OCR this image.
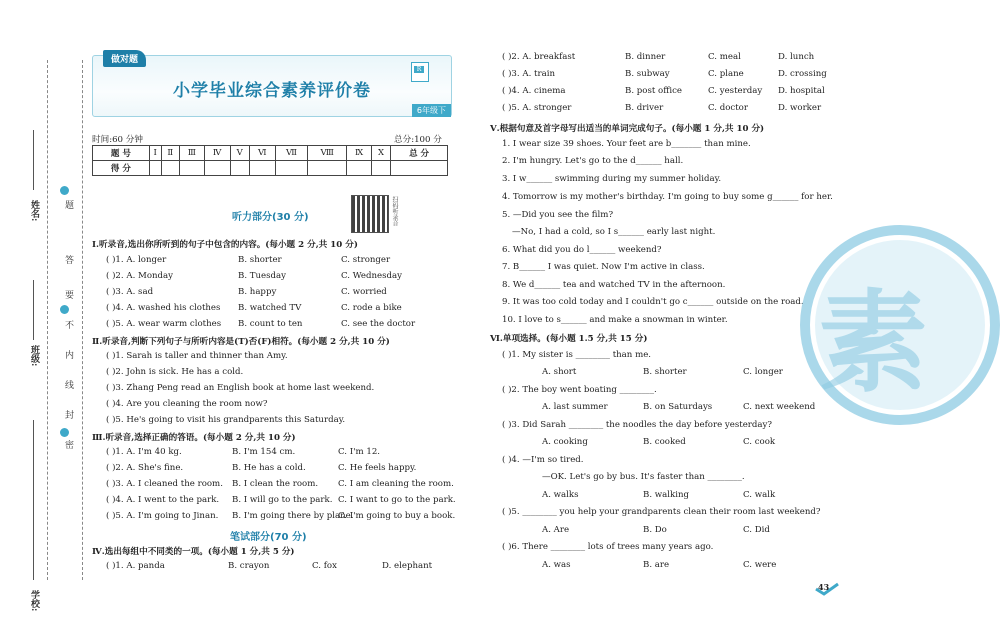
姓名:
班级:
学校:
题
答
要
不
内
线
封
密
小学毕业综合素养评价卷
R
6年级下
做对题
时间:60 分钟	总分:100 分
题 号	Ⅰ	Ⅱ	Ⅲ	Ⅳ	Ⅴ	Ⅵ	Ⅶ	Ⅷ	Ⅸ	Ⅹ	总 分
得 分											
听力部分(30 分)	扫码听录音
Ⅰ.听录音,选出你所听到的句子中包含的内容。(每小题 2 分,共 10 分)
( )1. A. longer	B. shorter	C. stronger
( )2. A. Monday	B. Tuesday	C. Wednesday
( )3. A. sad	B. happy	C. worried
( )4. A. washed his clothes B. watched TV	C. rode a bike
( )5. A. wear warm clothes B. count to ten	C. see the doctor
Ⅱ.听录音,判断下列句子与所听内容是(T)否(F)相符。(每小题 2 分,共 10 分)
( )1. Sarah is taller and thinner than Amy.
( )2. John is sick. He has a cold.
( )3. Zhang Peng read an English book at home last weekend.
( )4. Are you cleaning the room now?
( )5. He's going to visit his grandparents this Saturday.
Ⅲ.听录音,选择正确的答语。(每小题 2 分,共 10 分)
( )1. A. I'm 40 kg.	B. I'm 154 cm.	C. I'm 12.
( )2. A. She's fine.	B. He has a cold.	C. He feels happy.
( )3. A. I cleaned the room. B. I clean the room. C. I am cleaning the room.
( )4. A. I went to the park. B. I will go to the park. C. I want to go to the park.
( )5. A. I'm going to Jinan. B. I'm going there by plane.
C. I'm going to buy a book.
笔试部分(70 分)
Ⅳ.选出每组中不同类的一项。(每小题 1 分,共 5 分)
( )1. A. panda	B. crayon	C. fox	D. elephant
( )2. A. breakfast	B. dinner	C. meal	D. lunch
( )3. A. train	B. subway	C. plane	D. crossing
( )4. A. cinema	B. post office	C. yesterday D. hospital
( )5. A. stronger	B. driver	C. doctor	D. worker
Ⅴ.根据句意及首字母写出适当的单词完成句子。(每小题 1 分,共 10 分)
1. I wear size 39 shoes. Your feet are b_______ than mine.
2. I'm hungry. Let's go to the d______ hall.
3. I w______ swimming during my summer holiday.
4. Tomorrow is my mother's birthday. I'm going to buy some g______ for her.
5. —Did you see the film?
—No, I had a cold, so I s______ early last night.
6. What did you do l______ weekend?
7. B______ I was quiet. Now I'm active in class.
8. We d______ tea and watched TV in the afternoon.
9. It was too cold today and I couldn't go c______ outside on the road.
10. I love to s______ and make a snowman in winter.
Ⅵ.单项选择。(每小题 1.5 分,共 15 分)
( )1. My sister is ________ than me.
A. short	B. shorter	C. longer
( )2. The boy went boating ________.
A. last summer	B. on Saturdays	C. next weekend
( )3. Did Sarah ________ the noodles the day before yesterday?
A. cooking	B. cooked	C. cook
( )4. —I'm so tired.
—OK. Let's go by bus. It's faster than ________.
A. walks	B. walking	C. walk
( )5. ________ you help your grandparents clean their room last weekend?
A. Are	B. Do	C. Did
( )6. There ________ lots of trees many years ago.
A. was	B. are	C. were
素
43
